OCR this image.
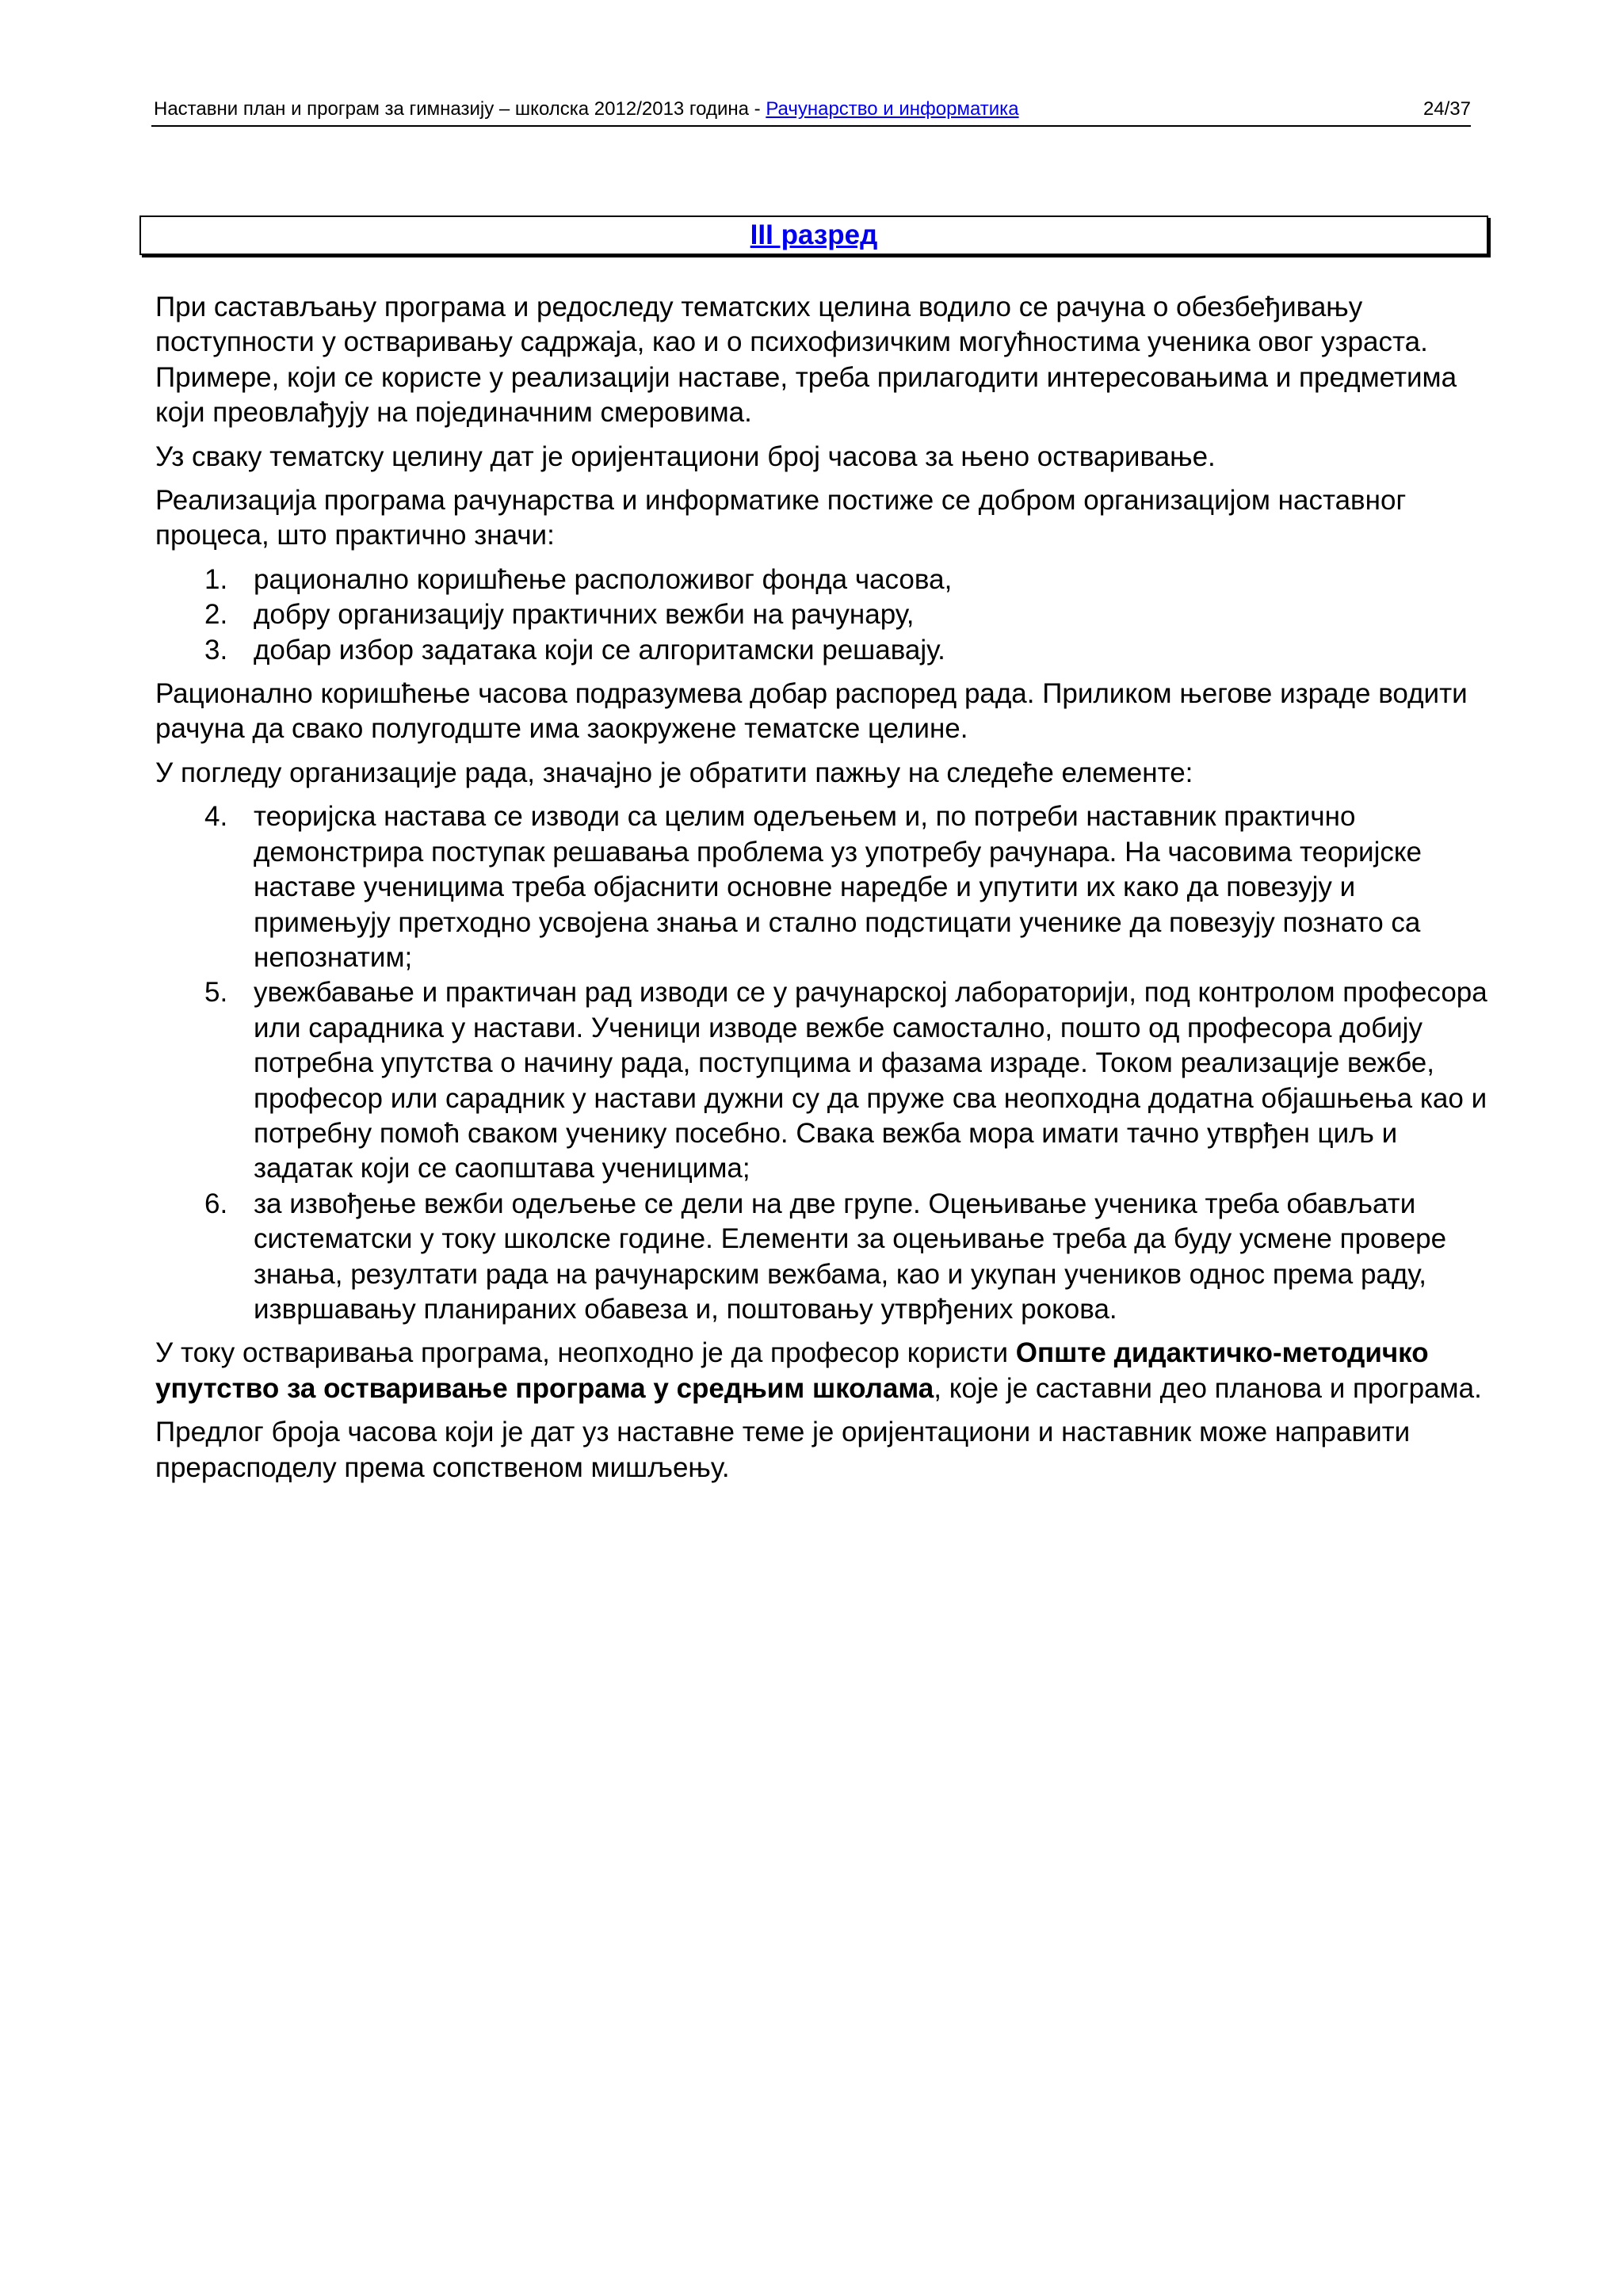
Наставни план и програм за гимназију – школска 2012/2013 година - Рачунарство и информатика	24/37
III разред

При састављању програма и редоследу тематских целина водило се рачуна о обезбеђивању поступности у остваривању садржаја, као и о психофизичким могућностима ученика овог узраста. Примере, који се користе у реализацији наставе, треба прилагодити интересовањима и предметима који преовлађују на појединачним смеровима.

Уз сваку тематску целину дат је оријентациони број часова за њено остваривање.

Реализација програма рачунарства и информатике постиже се добром организацијом наставног процеса, што практично значи:

1. рационално коришћење расположивог фонда часова,
2. добру организацију практичних вежби на рачунару,
3. добар избор задатака који се алгоритамски решавају.

Рационално коришћење часова подразумева добар распоред рада. Приликом његове израде водити рачуна да свако полугодште има заокружене тематске целине.

У погледу организације рада, значајно је обратити пажњу на следеће елементе:

4. теоријска настава се изводи са целим одељењем и, по потреби наставник практично демонстрира поступак решавања проблема уз употребу рачунара. На часовима теоријске наставе ученицима треба објаснити основне наредбе и упутити их како да повезују и примењују претходно усвојена знања и стално подстицати ученике да повезују познато са непознатим;
5. увежбавање и практичан рад изводи се у рачунарској лабораторији, под контролом професора или сарадника у настави. Ученици изводе вежбе самостално, пошто од професора добију потребна упутства о начину рада, поступцима и фазама израде. Током реализације вежбе, професор или сарадник у настави дужни су да пруже сва неопходна додатна објашњења као и потребну помоћ сваком ученику посебно. Свака вежба мора имати тачно утврђен циљ и задатак који се саопштава ученицима;
6. за извођење вежби одељење се дели на две групе. Оцењивање ученика треба обављати систематски у току школске године. Елементи за оцењивање треба да буду усмене провере знања, резултати рада на рачунарским вежбама, као и укупан учеников однос према раду, извршавању планираних обавеза и, поштовању утврђених рокова.

У току остваривања програма, неопходно је да професор користи Опште дидактичко-методичко упутство за остваривање програма у средњим школама, које је саставни део планова и програма.

Предлог броја часова који је дат уз наставне теме је оријентациони и наставник може направити прерасподелу према сопственом мишљењу.
